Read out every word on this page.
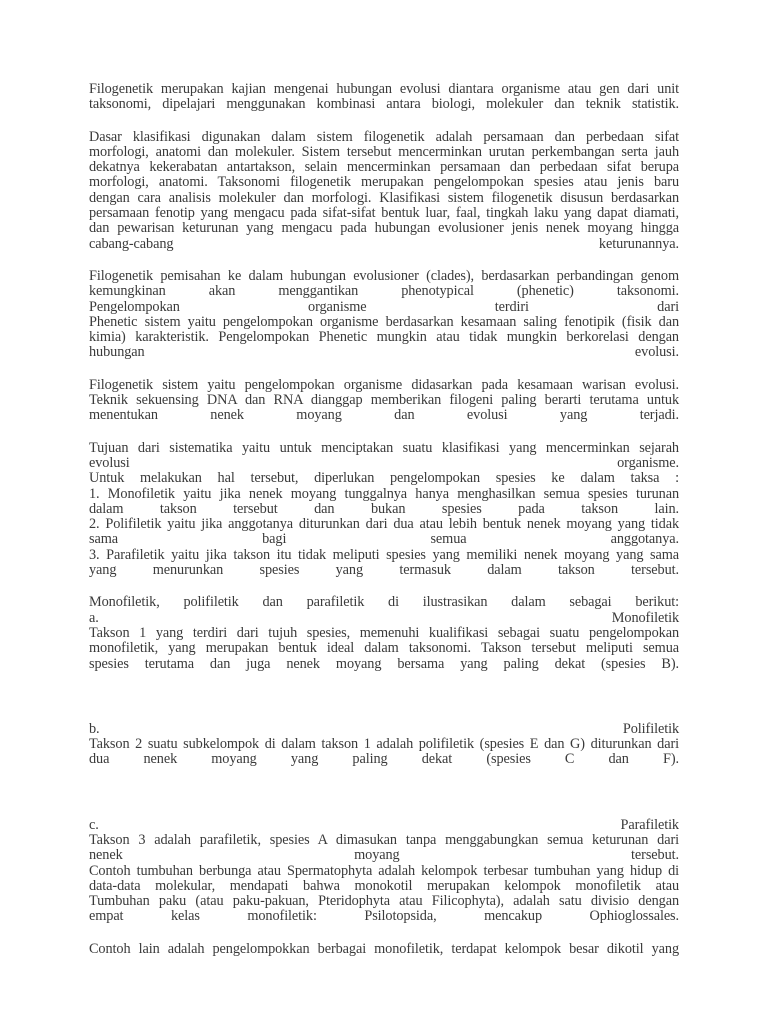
Filogenetik merupakan kajian mengenai hubungan evolusi diantara organisme atau gen dari unit
taksonomi, dipelajari menggunakan kombinasi antara biologi, molekuler dan teknik statistik.
Dasar klasifikasi digunakan dalam sistem filogenetik adalah persamaan dan perbedaan sifat
morfologi, anatomi dan molekuler. Sistem tersebut mencerminkan urutan perkembangan serta jauh
dekatnya kekerabatan antartakson, selain mencerminkan persamaan dan perbedaan sifat berupa
morfologi, anatomi. Taksonomi filogenetik merupakan pengelompokan spesies atau jenis baru
dengan cara analisis molekuler dan morfologi. Klasifikasi sistem filogenetik disusun berdasarkan
persamaan fenotip yang mengacu pada sifat-sifat bentuk luar, faal, tingkah laku yang dapat diamati,
dan pewarisan keturunan yang mengacu pada hubungan evolusioner jenis nenek moyang hingga
cabang-cabang keturunannya.
Filogenetik pemisahan ke dalam hubungan evolusioner (clades), berdasarkan perbandingan genom
kemungkinan akan menggantikan phenotypical (phenetic) taksonomi.
Pengelompokan organisme terdiri dari
Phenetic sistem yaitu pengelompokan organisme berdasarkan kesamaan saling fenotipik (fisik dan
kimia) karakteristik. Pengelompokan Phenetic mungkin atau tidak mungkin berkorelasi dengan
hubungan evolusi.
Filogenetik sistem yaitu pengelompokan organisme didasarkan pada kesamaan warisan evolusi.
Teknik sekuensing DNA dan RNA dianggap memberikan filogeni paling berarti terutama untuk
menentukan nenek moyang dan evolusi yang terjadi.
Tujuan dari sistematika yaitu untuk menciptakan suatu klasifikasi yang mencerminkan sejarah
evolusi organisme.
Untuk melakukan hal tersebut, diperlukan pengelompokan spesies ke dalam taksa :
1. Monofiletik yaitu jika nenek moyang tunggalnya hanya menghasilkan semua spesies turunan
dalam takson tersebut dan bukan spesies pada takson lain.
2. Polifiletik yaitu jika anggotanya diturunkan dari dua atau lebih bentuk nenek moyang yang tidak
sama bagi semua anggotanya.
3. Parafiletik yaitu jika takson itu tidak meliputi spesies yang memiliki nenek moyang yang sama
yang menurunkan spesies yang termasuk dalam takson tersebut.
Monofiletik, polifiletik dan parafiletik di ilustrasikan dalam sebagai berikut:
a. Monofiletik
Takson 1 yang terdiri dari tujuh spesies, memenuhi kualifikasi sebagai suatu pengelompokan
monofiletik, yang merupakan bentuk ideal dalam taksonomi. Takson tersebut meliputi semua
spesies terutama dan juga nenek moyang bersama yang paling dekat (spesies B).
b. Polifiletik
Takson 2 suatu subkelompok di dalam takson 1 adalah polifiletik (spesies E dan G) diturunkan dari
dua nenek moyang yang paling dekat (spesies C dan F).
c. Parafiletik
Takson 3 adalah parafiletik, spesies A dimasukan tanpa menggabungkan semua keturunan dari
nenek moyang tersebut.
Contoh tumbuhan berbunga atau Spermatophyta adalah kelompok terbesar tumbuhan yang hidup di
data-data molekular, mendapati bahwa monokotil merupakan kelompok monofiletik atau
Tumbuhan paku (atau paku-pakuan, Pteridophyta atau Filicophyta), adalah satu divisio dengan
empat kelas monofiletik: Psilotopsida, mencakup Ophioglossales.
Contoh lain adalah pengelompokkan berbagai monofiletik, terdapat kelompok besar dikotil yang
